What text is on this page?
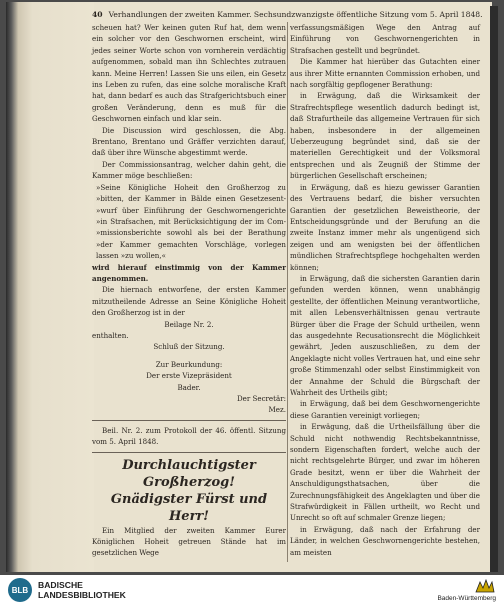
40 Verhandlungen der zweiten Kammer. Sechsundzwanzigste öffentliche Sitzung vom 5. April 1848.

scheuen hat? Wer keinen guten Ruf hat, dem wenn ein solcher vor den Geschwornen erscheint, wird jedes seiner Worte schon von vornherein verdächtig aufgenommen, sobald man ihn Schlechtes zutrauen kann. Meine Herren! Lassen Sie uns eilen, ein Gesetz ins Leben zu rufen, das eine solche moralische Kraft hat, dann bedarf es auch das Strafgerichtsbuch einer großen Veränderung, denn es muß für die Geschwornen einfach und klar sein.

Die Discussion wird geschlossen, die Abg. Brentano, Brentano und Gräffer verzichten darauf, daß über ihre Wünsche abgestimmt werde.

Der Commissionsantrag, welcher dahin geht, die Kammer möge beschließen:

»Seine Königliche Hoheit den Großherzog zu »bitten, der Kammer in Bälde einen Gesetzesent- »wurf über Einführung der Geschwornengerichte »in Strafsachen, mit Berücksichtigung der im Com- »missionsberichte sowohl als bei der Berathung »der Kammer gemachten Vorschläge, vorlegen lassen »zu wollen,«

wird hierauf einstimmig von der Kammer angenommen.

Die hiernach entworfene, der ersten Kammer mitzutheilende Adresse an Seine Königliche Hoheit den Großherzog ist in der

Beilage Nr. 2.

enthalten.

Schluß der Sitzung.

Zur Beurkundung:

Der erste Vizepräsident

Bader.

Der Secretär:

Mez.

Beil. Nr. 2. zum Protokoll der 46. öffentl. Sitzung vom 5. April 1848.

Durchlauchtigster Großherzog!

Gnädigster Fürst und Herr!

Ein Mitglied der zweiten Kammer Eurer Königlichen Hoheit getreuen Stände hat im gesetzlichen Wege

verfassungsmäßigen Wege den Antrag auf Einführung von Geschwornengerichten in Strafsachen gestellt und begründet.

Die Kammer hat hierüber das Gutachten einer aus ihrer Mitte ernannten Commission erhoben, und nach sorgfältig gepflogener Berathung:

in Erwägung, daß die Wirksamkeit der Strafrechtspflege wesentlich dadurch bedingt ist, daß Strafurtheile das allgemeine Vertrauen für sich haben, insbesondere in der allgemeinen Ueberzeugung begründet sind, daß sie der materiellen Gerechtigkeit und der Volksmoral entsprechen und als Zeugniß der Stimme der bürgerlichen Gesellschaft erscheinen;

in Erwägung, daß es hiezu gewisser Garantien des Vertrauens bedarf, die bisher versuchten Garantien der gesetzlichen Beweistheorie, der Entscheidungsgründe und der Berufung an die zweite Instanz immer mehr als ungenügend sich zeigen und am wenigsten bei der öffentlichen mündlichen Strafrechtspflege hochgehalten werden können;

in Erwägung, daß die sichersten Garantien darin gefunden werden können, wenn unabhängig gestellte, der öffentlichen Meinung verantwortliche, mit allen Lebensverhältnissen genau vertraute Bürger über die Frage der Schuld urtheilen, wenn das ausgedehnte Recusationsrecht die Möglichkeit gewährt, Jeden auszuschließen, zu dem der Angeklagte nicht volles Vertrauen hat, und eine sehr große Stimmenzahl oder selbst Einstimmigkeit von der Annahme der Schuld die Bürgschaft der Wahrheit des Urtheils gibt;

in Erwägung, daß bei dem Geschwornengerichte diese Garantien vereinigt vorliegen;

in Erwägung, daß die Urtheilsfällung über die Schuld nicht nothwendig Rechtsbekanntnisse, sondern Eigenschaften fordert, welche auch der nicht rechtsgelehrte Bürger, und zwar im höheren Grade besitzt, wenn er über die Wahrheit der Anschuldigungsthatsachen, über die Zurechnungsfähigkeit des Angeklagten und über die Strafwürdigkeit in Fällen urtheilt, wo Recht und Unrecht so oft auf schmaler Grenze liegen;

in Erwägung, daß nach der Erfahrung der Länder, in welchen Geschwornengerichte bestehen, am meisten

BLB	BADISCHE
LANDESBIBLIOTHEK	Baden-Württemberg
